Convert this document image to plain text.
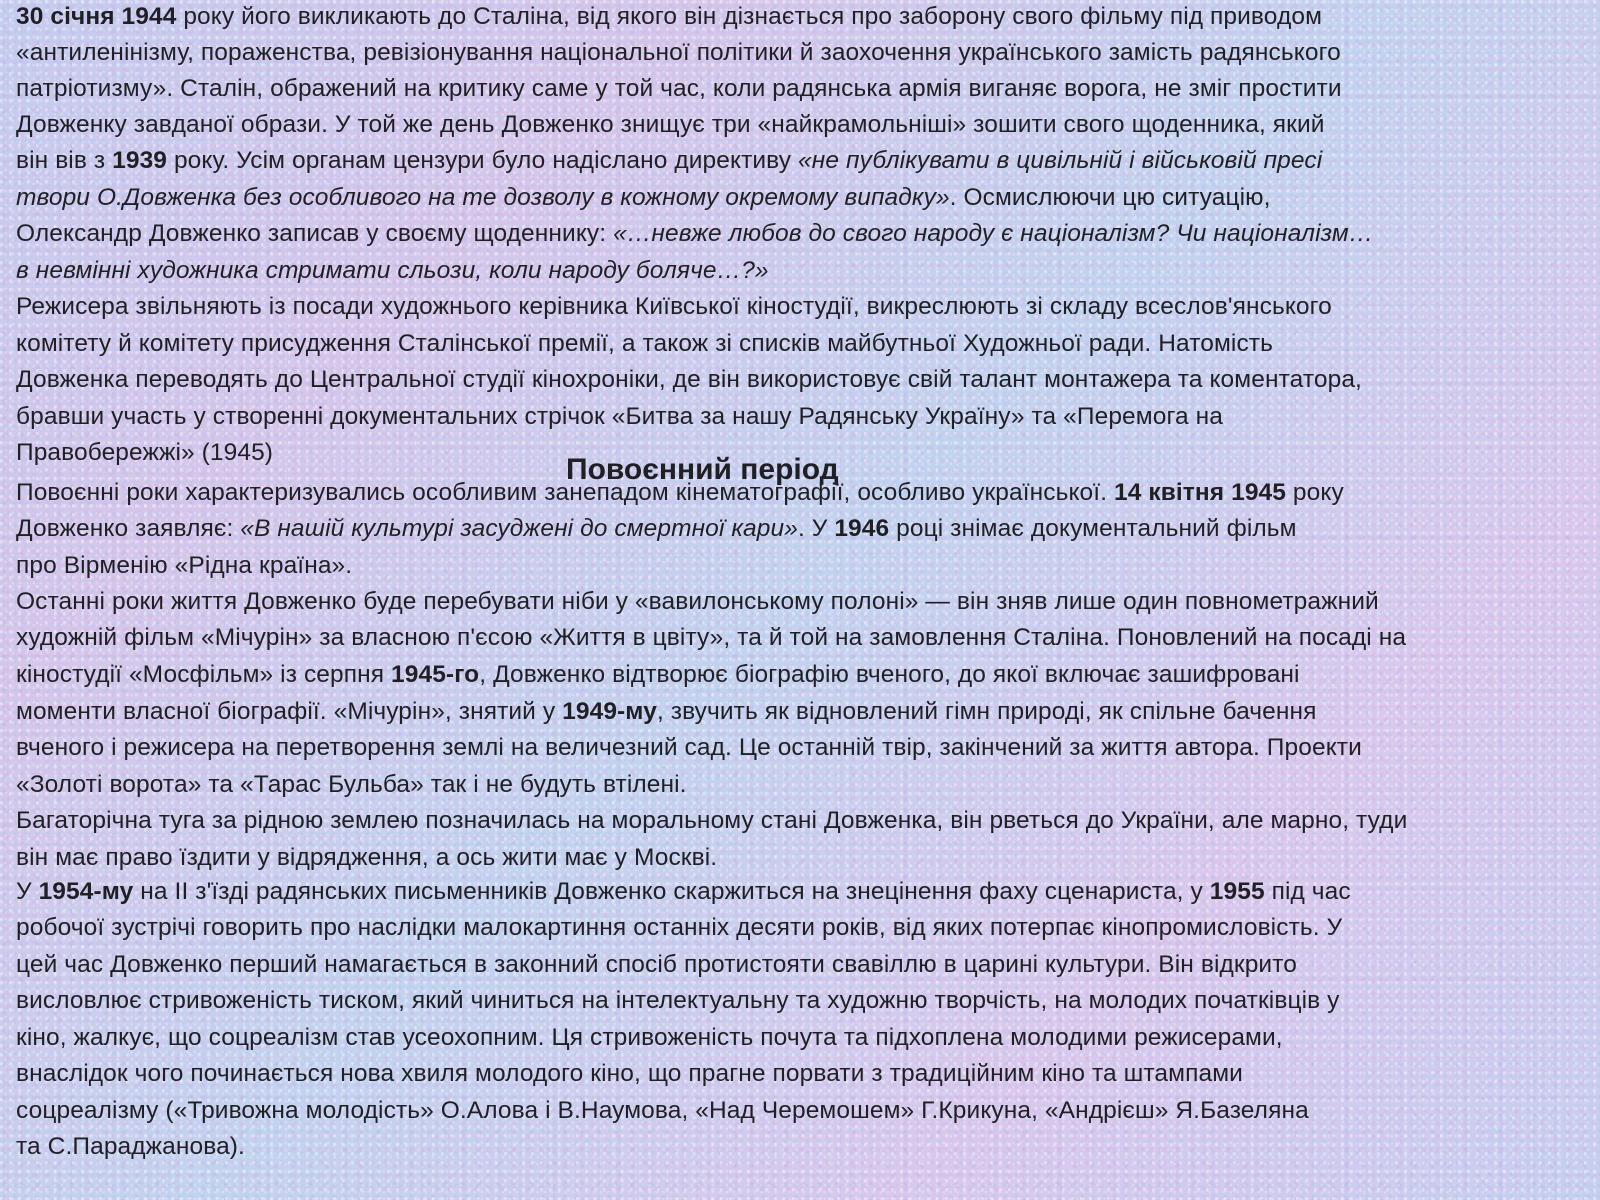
Повоєнний період
30 січня 1944 року його викликають до Сталіна, від якого він дізнається про заборону свого фільму під приводом
«антиленінізму, пораженства, ревізіонування національної політики й заохочення українського замість радянського
патріотизму». Сталін, ображений на критику саме у той час, коли радянська армія виганяє ворога, не зміг простити
Довженку завданої образи. У той же день Довженко знищує три «найкрамольніші» зошити свого щоденника, який
він вів з 1939 року. Усім органам цензури було надіслано директиву «не публікувати в цивільній і військовій пресі
твори О.Довженка без особливого на те дозволу в кожному окремому випадку». Осмислюючи цю ситуацію,
Олександр Довженко записав у своєму щоденнику: «…невже любов до свого народу є націоналізм? Чи націоналізм…
в невмінні художника стримати сльози, коли народу боляче…?»
Режисера звільняють із посади художнього керівника Київської кіностудії, викреслюють зі складу всеслов'янського
комітету й комітету присудження Сталінської премії, а також зі списків майбутньої Художньої ради. Натомість
Довженка переводять до Центральної студії кінохроніки, де він використовує свій талант монтажера та коментатора,
бравши участь у створенні документальних стрічок «Битва за нашу Радянську Україну» та «Перемога на
Правобережжі» (1945)
Повоєнні роки характеризувались особливим занепадом кінематографії, особливо української. 14 квітня 1945 року
Довженко заявляє: «В нашій культурі засуджені до смертної кари». У 1946 році знімає документальний фільм
про Вірменію «Рідна країна».
Останні роки життя Довженко буде перебувати ніби у «вавилонському полоні» — він зняв лише один повнометражний
художній фільм «Мічурін» за власною п'єсою «Життя в цвіту», та й той на замовлення Сталіна. Поновлений на посаді на
кіностудії «Мосфільм» із серпня 1945-го, Довженко відтворює біографію вченого, до якої включає зашифровані
моменти власної біографії. «Мічурін», знятий у 1949-му, звучить як відновлений гімн природі, як спільне бачення
вченого і режисера на перетворення землі на величезний сад. Це останній твір, закінчений за життя автора. Проекти
«Золоті ворота» та «Тарас Бульба» так і не будуть втілені.
Багаторічна туга за рідною землею позначилась на моральному стані Довженка, він рветься до України, але марно, туди
він має право їздити у відрядження, а ось жити має у Москві.
У 1954-му на II з'їзді радянських письменників Довженко скаржиться на знецінення фаху сценариста, у 1955 під час
робочої зустрічі говорить про наслідки малокартиння останніх десяти років, від яких потерпає кінопромисловість. У
цей час Довженко перший намагається в законний спосіб протистояти свавіллю в царині культури. Він відкрито
висловлює стривоженість тиском, який чиниться на інтелектуальну та художню творчість, на молодих початківців у
кіно, жалкує, що соцреалізм став усеохопним. Ця стривоженість почута та підхоплена молодими режисерами,
внаслідок чого починається нова хвиля молодого кіно, що прагне порвати з традиційним кіно та штампами
соцреалізму («Тривожна молодість» О.Алова і В.Наумова, «Над Черемошем» Г.Крикуна, «Андрієш» Я.Базеляна
та С.Параджанова).
